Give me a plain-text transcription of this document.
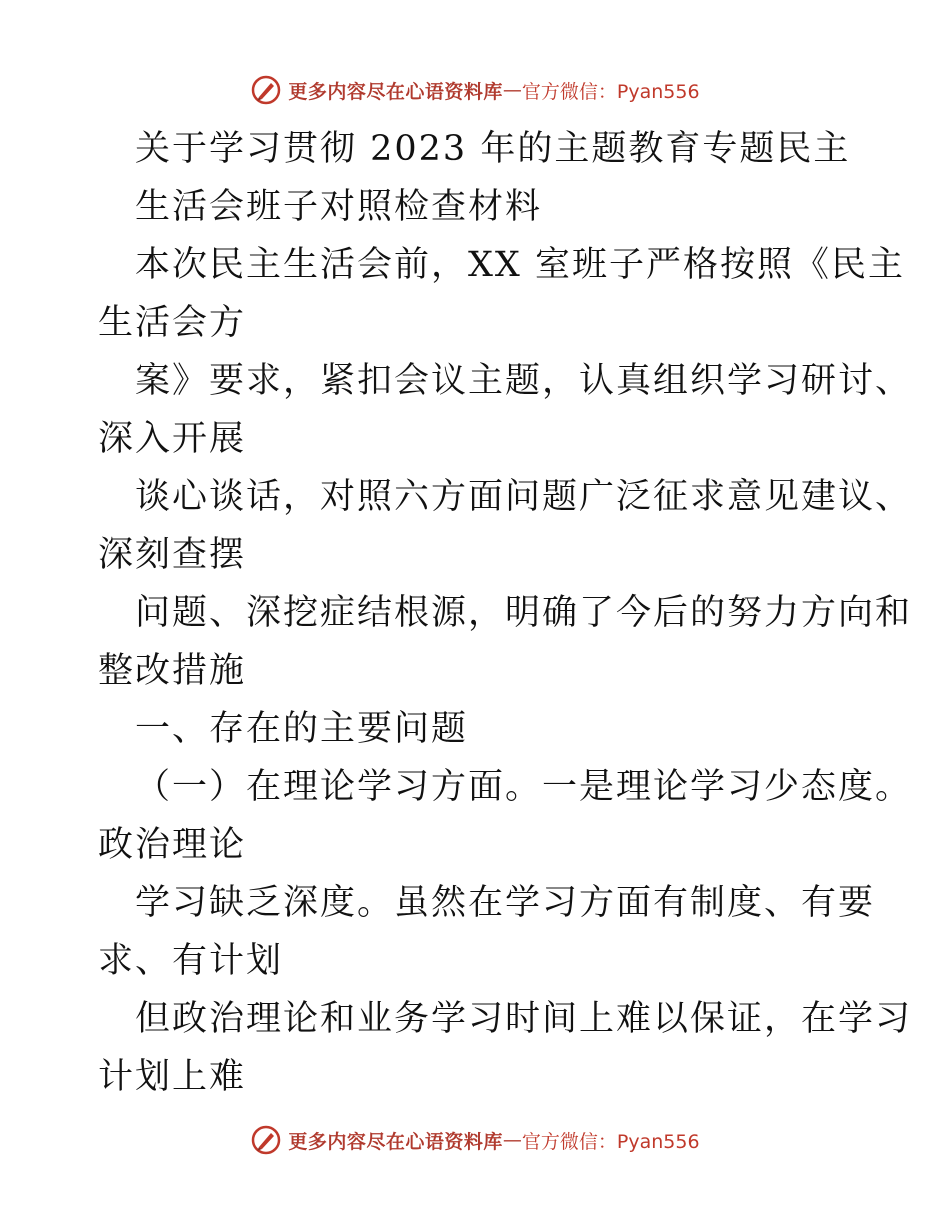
更多内容尽在心语资料库 — 官方微信：Pyan556
关于学习贯彻 2023 年的主题教育专题民主
生活会班子对照检查材料
本次民主生活会前，XX 室班子严格按照《民主
生活会方
案》要求，紧扣会议主题，认真组织学习研讨、
深入开展
谈心谈话，对照六方面问题广泛征求意见建议、
深刻查摆
问题、深挖症结根源，明确了今后的努力方向和
整改措施
一、存在的主要问题
（一）在理论学习方面。一是理论学习少态度。
政治理论
学习缺乏深度。虽然在学习方面有制度、有要
求、有计划
但政治理论和业务学习时间上难以保证，在学习
计划上难
更多内容尽在心语资料库 — 官方微信：Pyan556
